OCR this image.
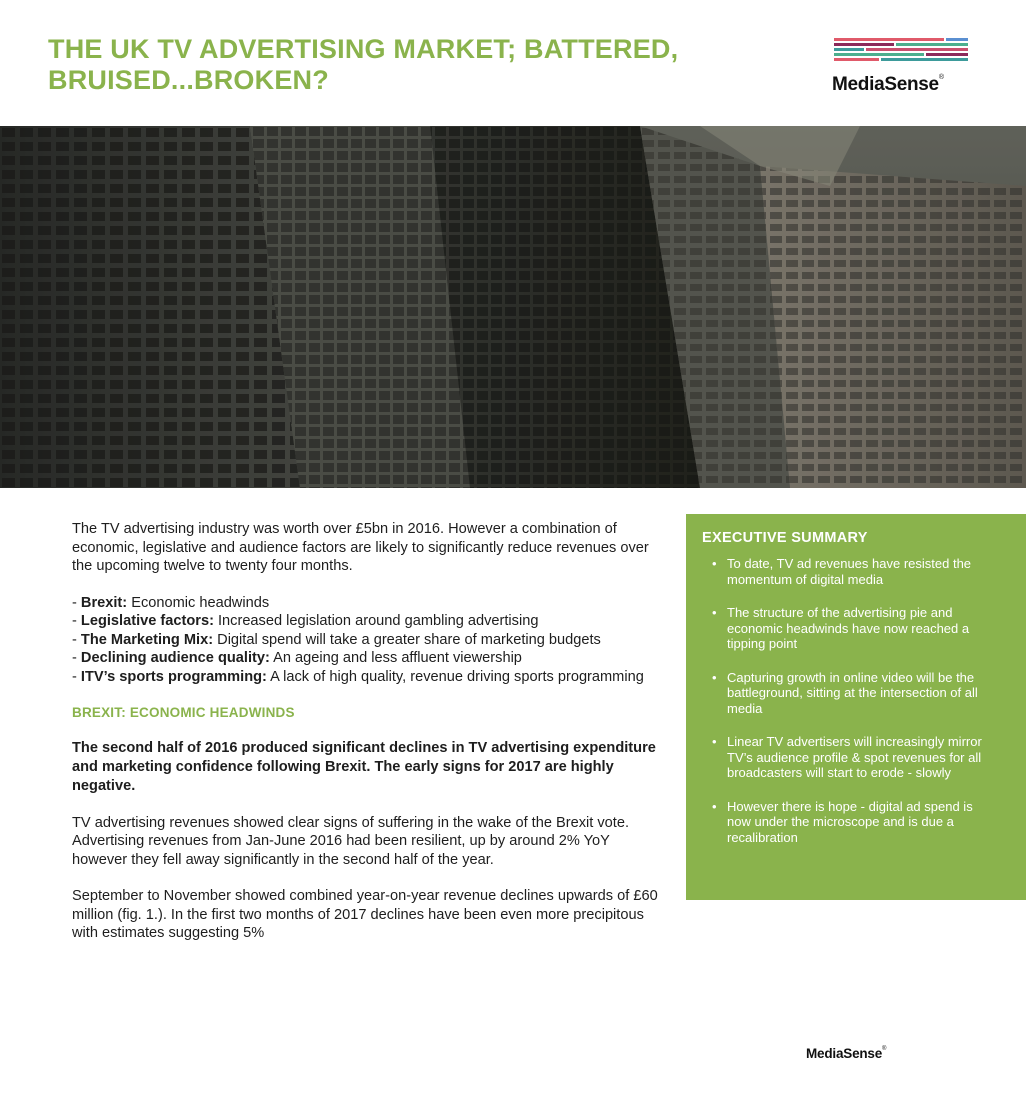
THE UK TV ADVERTISING MARKET; BATTERED,
BRUISED...BROKEN?	MediaSense®

The TV advertising industry was worth over £5bn in 2016. However a combination of economic, legislative and audience factors are likely to significantly reduce revenues over the upcoming twelve to twenty four months.

- Brexit: Economic headwinds
- Legislative factors: Increased legislation around gambling advertising
- The Marketing Mix: Digital spend will take a greater share of marketing budgets
- Declining audience quality: An ageing and less affluent viewership
- ITV’s sports programming: A lack of high quality, revenue driving sports programming
BREXIT: ECONOMIC HEADWINDS

The second half of 2016 produced significant declines in TV advertising expenditure and marketing confidence following Brexit. The early signs for 2017 are highly negative.

TV advertising revenues showed clear signs of suffering in the wake of the Brexit vote. Advertising revenues from Jan-June 2016 had been resilient, up by around 2% YoY however they fell away significantly in the second half of the year.

September to November showed combined year-on-year revenue declines upwards of £60 million (fig. 1.). In the first two months of 2017 declines have been even more precipitous with estimates suggesting 5%

EXECUTIVE SUMMARY
• To date, TV ad revenues have resisted the momentum of digital media
• The structure of the advertising pie and economic headwinds have now reached a tipping point
• Capturing growth in online video will be the battleground, sitting at the intersection of all media
• Linear TV advertisers will increasingly mirror TV’s audience profile & spot revenues for all broadcasters will start to erode - slowly
• However there is hope - digital ad spend is now under the microscope and is due a recalibration
MediaSense®
